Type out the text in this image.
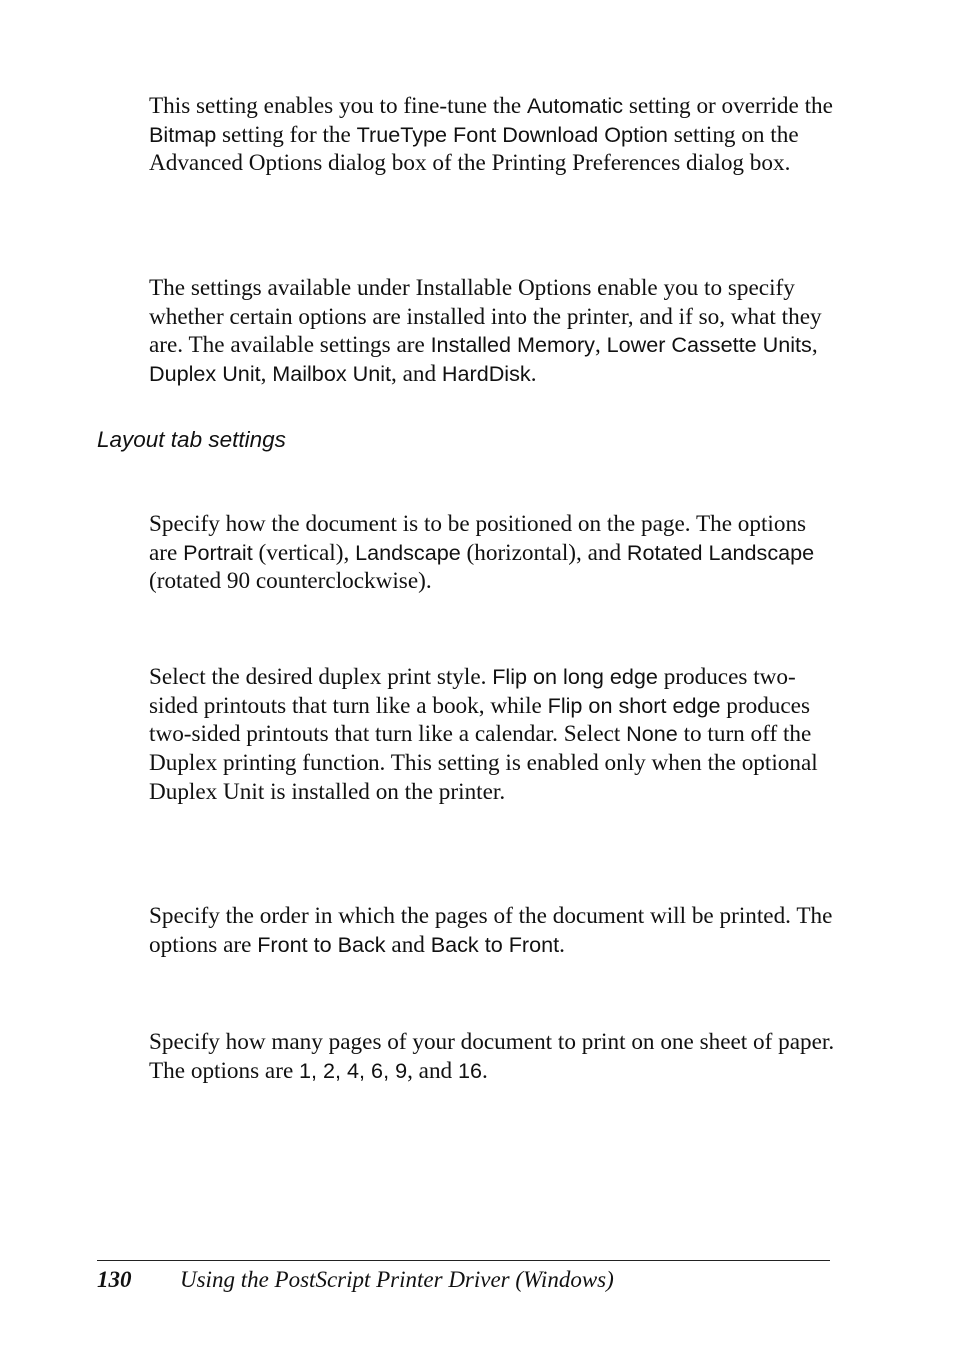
This setting enables you to fine-tune the Automatic setting or override the Bitmap setting for the TrueType Font Download Option setting on the Advanced Options dialog box of the Printing Preferences dialog box.

The settings available under Installable Options enable you to specify whether certain options are installed into the printer, and if so, what they are. The available settings are Installed Memory, Lower Cassette Units, Duplex Unit, Mailbox Unit, and HardDisk.

Layout tab settings

Specify how the document is to be positioned on the page. The options are Portrait (vertical), Landscape (horizontal), and Rotated Landscape (rotated 90 counterclockwise).

Select the desired duplex print style. Flip on long edge produces two-sided printouts that turn like a book, while Flip on short edge produces two-sided printouts that turn like a calendar. Select None to turn off the Duplex printing function. This setting is enabled only when the optional Duplex Unit is installed on the printer.

Specify the order in which the pages of the document will be printed. The options are Front to Back and Back to Front.

Specify how many pages of your document to print on one sheet of paper. The options are 1, 2, 4, 6, 9, and 16.

130 Using the PostScript Printer Driver (Windows)
